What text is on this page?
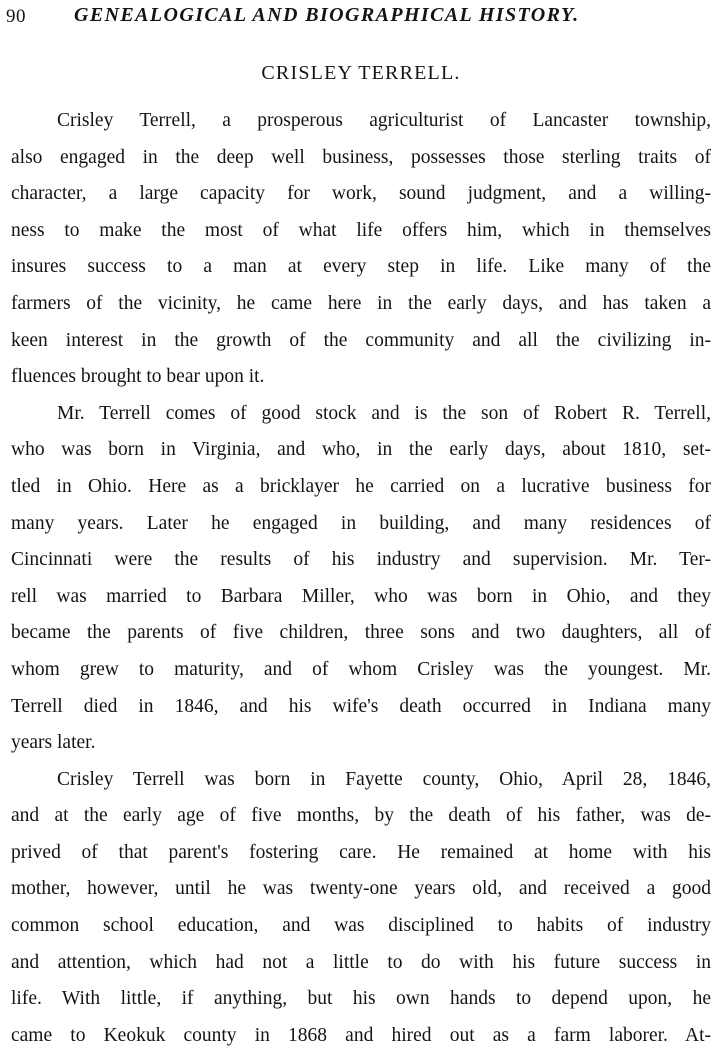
90 GENEALOGICAL AND BIOGRAPHICAL HISTORY.
CRISLEY TERRELL.
Crisley Terrell, a prosperous agriculturist of Lancaster township,
also engaged in the deep well business, possesses those sterling traits of
character, a large capacity for work, sound judgment, and a willing-
ness to make the most of what life offers him, which in themselves
insures success to a man at every step in life. Like many of the
farmers of the vicinity, he came here in the early days, and has taken a
keen interest in the growth of the community and all the civilizing in-
fluences brought to bear upon it.
Mr. Terrell comes of good stock and is the son of Robert R. Terrell,
who was born in Virginia, and who, in the early days, about 1810, set-
tled in Ohio. Here as a bricklayer he carried on a lucrative business for
many years. Later he engaged in building, and many residences of
Cincinnati were the results of his industry and supervision. Mr. Ter-
rell was married to Barbara Miller, who was born in Ohio, and they
became the parents of five children, three sons and two daughters, all of
whom grew to maturity, and of whom Crisley was the youngest. Mr.
Terrell died in 1846, and his wife's death occurred in Indiana many
years later.
Crisley Terrell was born in Fayette county, Ohio, April 28, 1846,
and at the early age of five months, by the death of his father, was de-
prived of that parent's fostering care. He remained at home with his
mother, however, until he was twenty-one years old, and received a good
common school education, and was disciplined to habits of industry
and attention, which had not a little to do with his future success in
life. With little, if anything, but his own hands to depend upon, he
came to Keokuk county in 1868 and hired out as a farm laborer. At-
